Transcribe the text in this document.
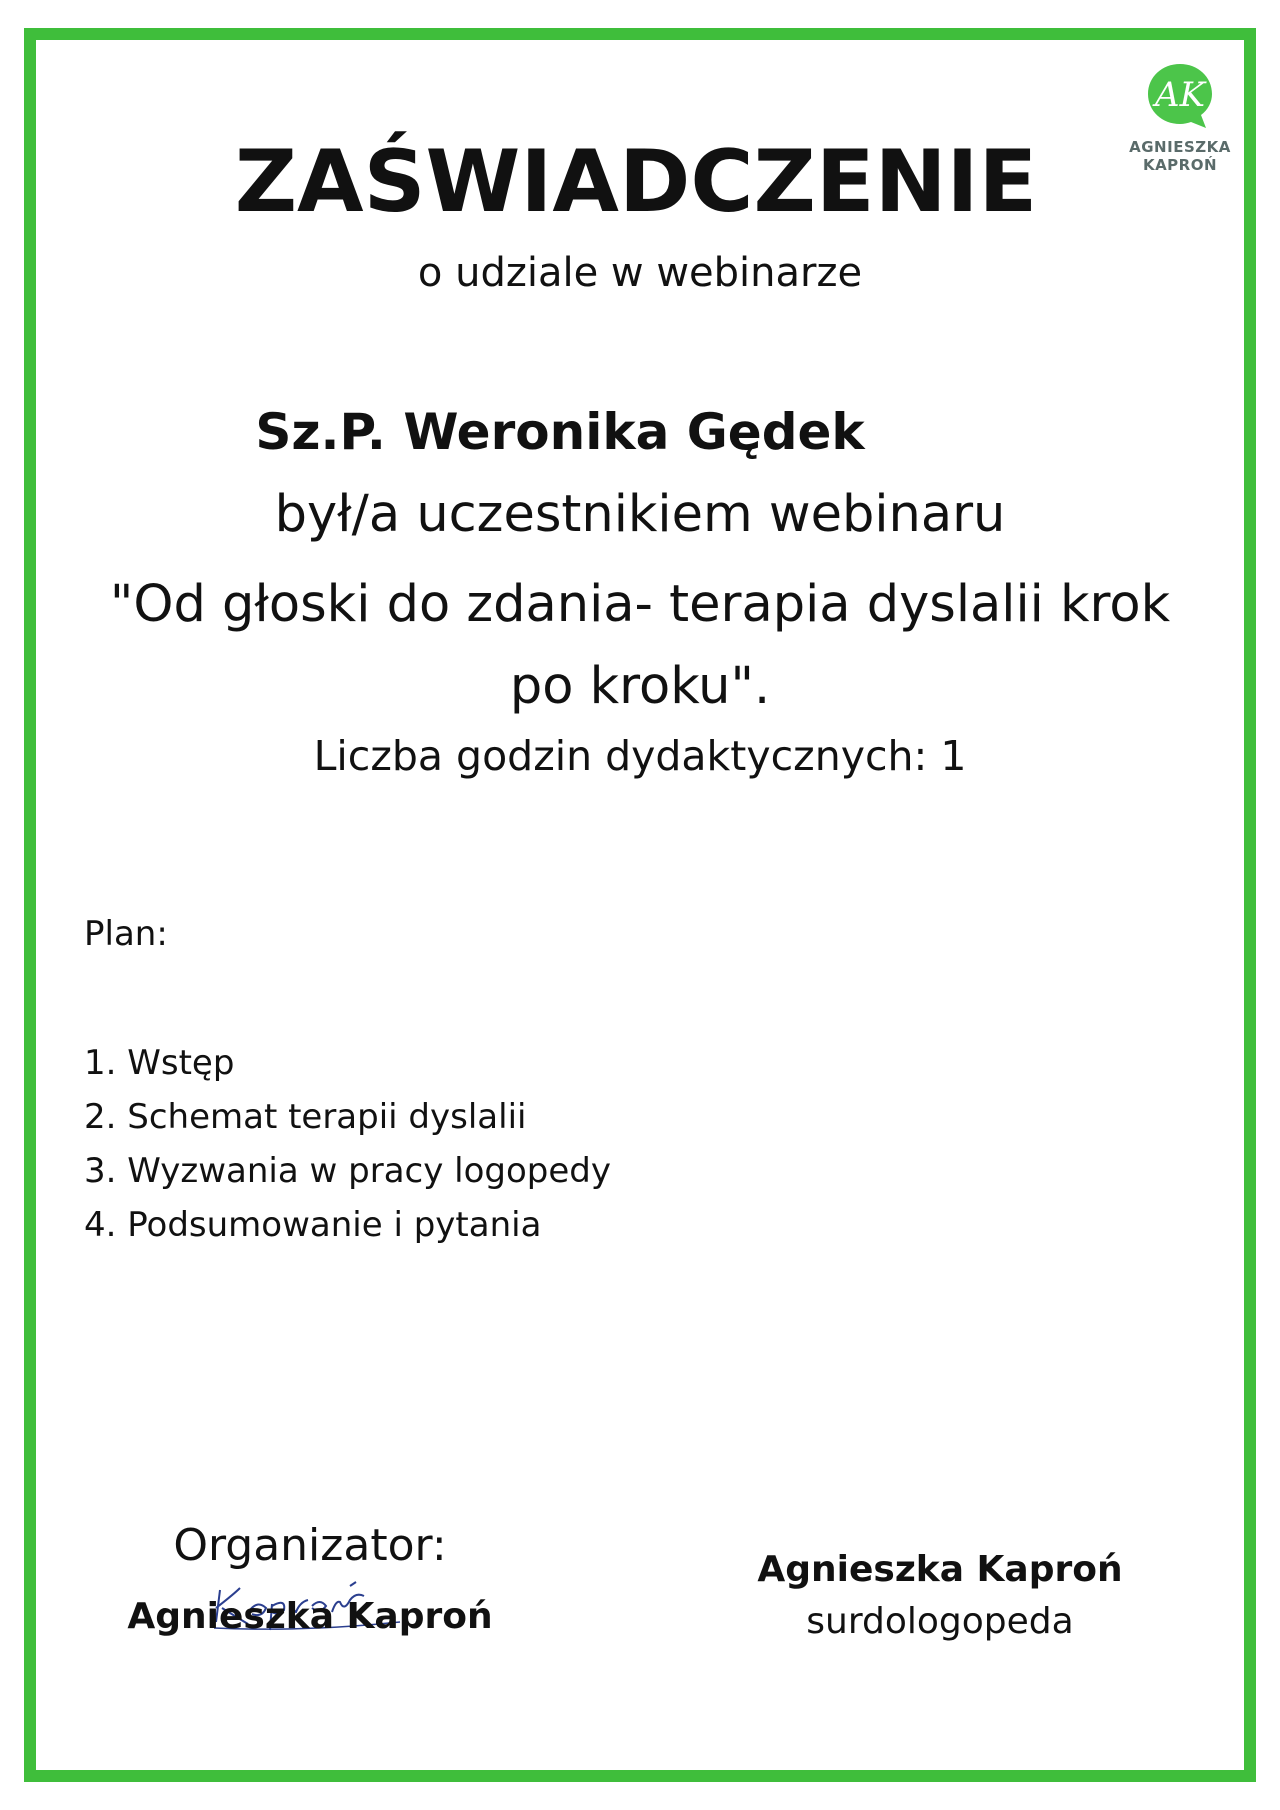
AK
AGNIESZKA
KAPROŃ
ZAŚWIADCZENIE
o udziale w webinarze
Sz.P. Weronika Gędek
był/a uczestnikiem webinaru
"Od głoski do zdania- terapia dyslalii krok po kroku".
Liczba godzin dydaktycznych: 1
Plan:
1. Wstęp
2. Schemat terapii dyslalii
3. Wyzwania w pracy logopedy
4. Podsumowanie i pytania
Organizator:
Agnieszka Kaproń
Agnieszka Kaproń
surdologopeda
